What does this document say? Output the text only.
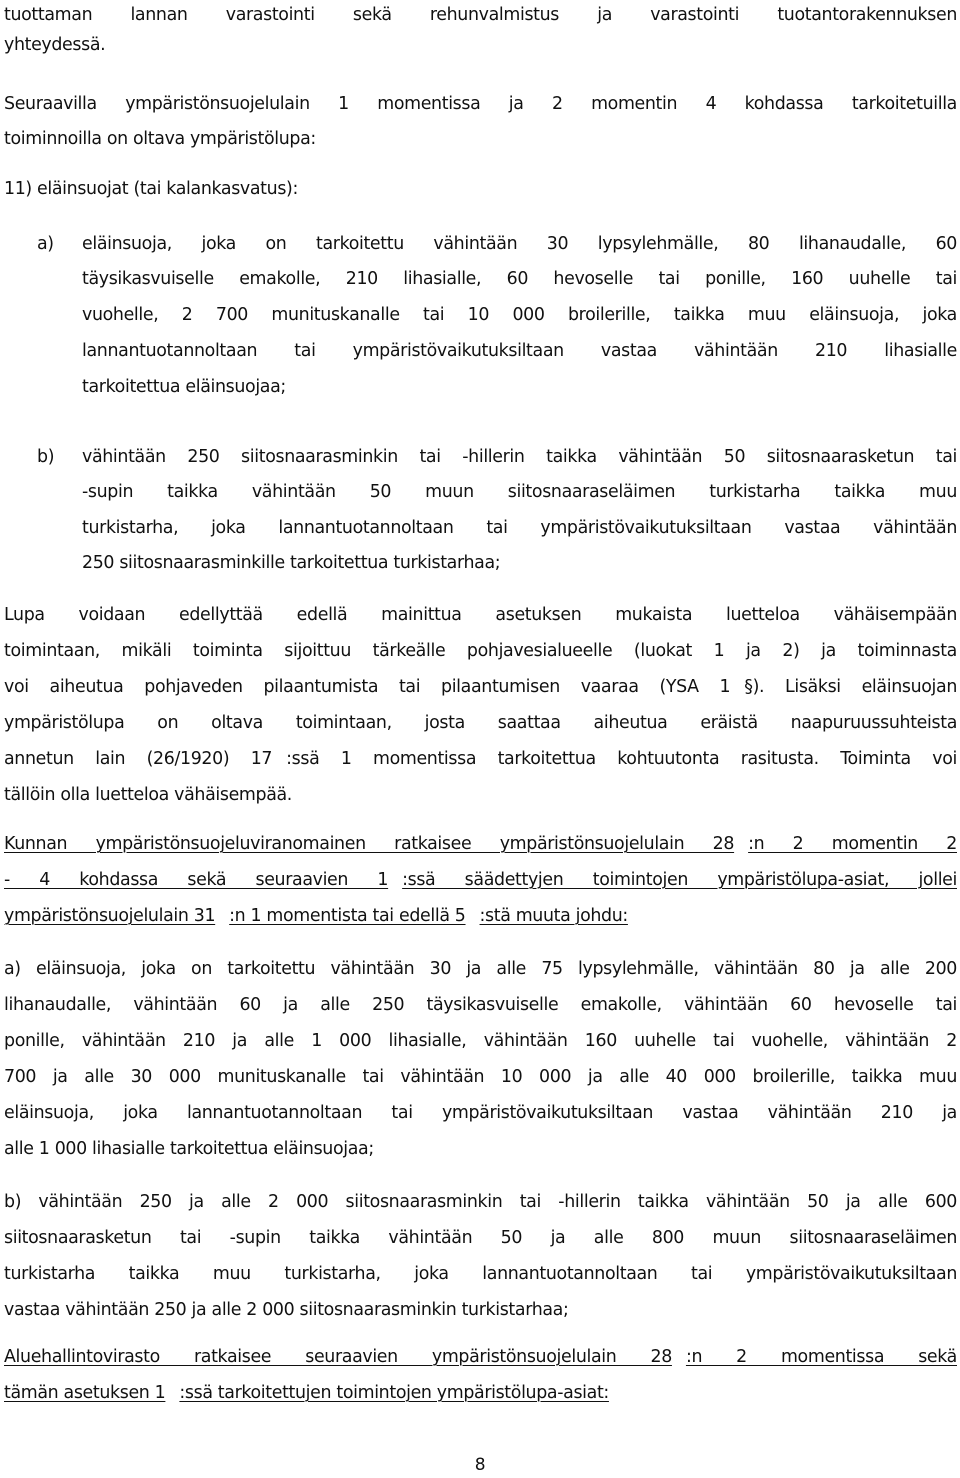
tuottaman lannan varastointi sekä rehunvalmistus ja varastointi tuotantorakennuksen
yhteydessä.
Seuraavilla ympäristönsuojelulain 1 momentissa ja 2 momentin 4 kohdassa tarkoitetuilla
toiminnoilla on oltava ympäristölupa:
11) eläinsuojat (tai kalankasvatus):
a) eläinsuoja, joka on tarkoitettu vähintään 30 lypsylehmälle, 80 lihanaudalle, 60
täysikasvuiselle emakolle, 210 lihasialle, 60 hevoselle tai ponille, 160 uuhelle tai
vuohelle, 2 700 munituskanalle tai 10 000 broilerille, taikka muu eläinsuoja, joka
lannantuotannoltaan tai ympäristövaikutuksiltaan vastaa vähintään 210 lihasialle
tarkoitettua eläinsuojaa;
b) vähintään 250 siitosnaarasminkin tai -hillerin taikka vähintään 50 siitosnaarasketun tai
-supin taikka vähintään 50 muun siitosnaaraseläimen turkistarha taikka muu
turkistarha, joka lannantuotannoltaan tai ympäristövaikutuksiltaan vastaa vähintään
250 siitosnaarasminkille tarkoitettua turkistarhaa;
Lupa voidaan edellyttää edellä mainittua asetuksen mukaista luetteloa vähäisempään
toimintaan, mikäli toiminta sijoittuu tärkeälle pohjavesialueelle (luokat 1 ja 2) ja toiminnasta
voi aiheutua pohjaveden pilaantumista tai pilaantumisen vaaraa (YSA 1 §). Lisäksi eläinsuojan
ympäristölupa on oltava toimintaan, josta saattaa aiheutua eräistä naapuruussuhteista
annetun lain (26/1920) 17 :ssä 1 momentissa tarkoitettua kohtuutonta rasitusta. Toiminta voi
tällöin olla luetteloa vähäisempää.
Kunnan ympäristönsuojeluviranomainen ratkaisee ympäristönsuojelulain 28 :n 2 momentin 2
- 4 kohdassa sekä seuraavien 1 :ssä säädettyjen toimintojen ympäristölupa-asiat, jollei
ympäristönsuojelulain 31 :n 1 momentista tai edellä 5 :stä muuta johdu:
a) eläinsuoja, joka on tarkoitettu vähintään 30 ja alle 75 lypsylehmälle, vähintään 80 ja alle 200
lihanaudalle, vähintään 60 ja alle 250 täysikasvuiselle emakolle, vähintään 60 hevoselle tai
ponille, vähintään 210 ja alle 1 000 lihasialle, vähintään 160 uuhelle tai vuohelle, vähintään 2
700 ja alle 30 000 munituskanalle tai vähintään 10 000 ja alle 40 000 broilerille, taikka muu
eläinsuoja, joka lannantuotannoltaan tai ympäristövaikutuksiltaan vastaa vähintään 210 ja
alle 1 000 lihasialle tarkoitettua eläinsuojaa;
b) vähintään 250 ja alle 2 000 siitosnaarasminkin tai -hillerin taikka vähintään 50 ja alle 600
siitosnaarasketun tai -supin taikka vähintään 50 ja alle 800 muun siitosnaaraseläimen
turkistarha taikka muu turkistarha, joka lannantuotannoltaan tai ympäristövaikutuksiltaan
vastaa vähintään 250 ja alle 2 000 siitosnaarasminkin turkistarhaa;
Aluehallintovirasto ratkaisee seuraavien ympäristönsuojelulain 28 :n 2 momentissa sekä
tämän asetuksen 1 :ssä tarkoitettujen toimintojen ympäristölupa-asiat:
8
